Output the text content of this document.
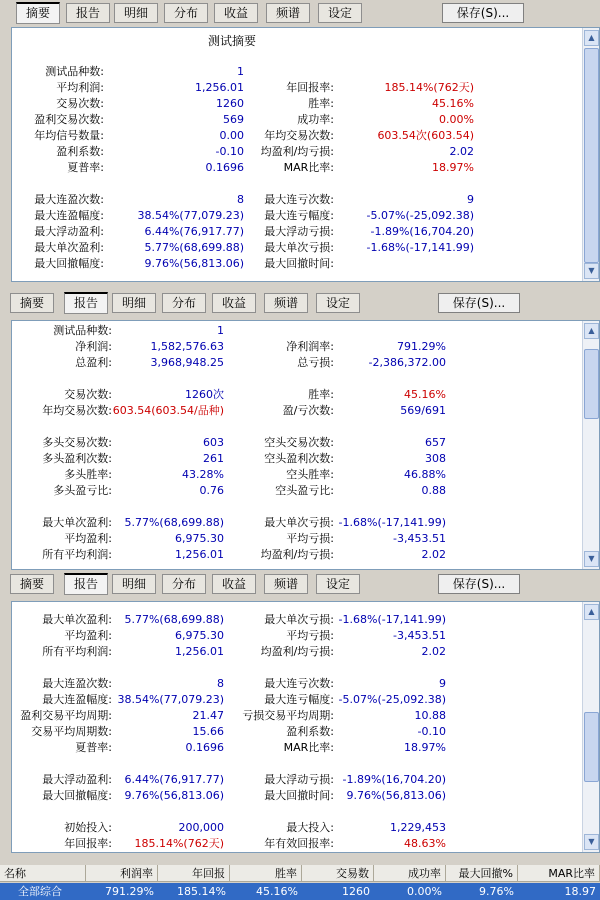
摘要	报告	明细	分布	收益	频谱	设定	保存(S)...
测试摘要
测试品种数:	1
平均利润:	1,256.01	年回报率:	185.14%(762天)
交易次数:	1260	胜率:	45.16%
盈利交易次数:	569	成功率:	0.00%
年均信号数量:	0.00	年均交易次数:	603.54次(603.54)
盈利系数:	-0.10	均盈利/均亏损:	2.02
夏普率:	0.1696	MAR比率:	18.97%
最大连盈次数:	8	最大连亏次数:	9
最大连盈幅度:	38.54%(77,079.23)	最大连亏幅度:	-5.07%(-25,092.38)
最大浮动盈利:	6.44%(76,917.77)	最大浮动亏损:	-1.89%(16,704.20)
最大单次盈利:	5.77%(68,699.88)	最大单次亏损:	-1.68%(-17,141.99)
最大回撤幅度:	9.76%(56,813.06)	最大回撤时间:
▲
▼
摘要	报告	明细	分布	收益	频谱	设定	保存(S)...
测试品种数:	1
净利润:	1,582,576.63	净利润率:	791.29%
总盈利:	3,968,948.25	总亏损:	-2,386,372.00
交易次数:	1260次	胜率:	45.16%
年均交易次数: 603.54(603.54/品种)	盈/亏次数:	569/691
多头交易次数:	603	空头交易次数:	657
多头盈利次数:	261	空头盈利次数:	308
多头胜率:	43.28%	空头胜率:	46.88%
多头盈亏比:	0.76	空头盈亏比:	0.88
最大单次盈利:	5.77%(68,699.88)	最大单次亏损: -1.68%(-17,141.99)
平均盈利:	6,975.30	平均亏损:	-3,453.51
所有平均利润:	1,256.01	均盈利/均亏损:	2.02
▲
▼
摘要	报告	明细	分布	收益	频谱	设定	保存(S)...
最大单次盈利:	5.77%(68,699.88)	最大单次亏损: -1.68%(-17,141.99)
平均盈利:	6,975.30	平均亏损:	-3,453.51
所有平均利润:	1,256.01	均盈利/均亏损:	2.02
最大连盈次数:	8	最大连亏次数:	9
最大连盈幅度: 38.54%(77,079.23)	最大连亏幅度: -5.07%(-25,092.38)
盈利交易平均周期:	21.47	亏损交易平均周期:	10.88
交易平均周期数:	15.66	盈利系数:	-0.10
夏普率:	0.1696	MAR比率:	18.97%
最大浮动盈利:	6.44%(76,917.77)	最大浮动亏损: -1.89%(16,704.20)
最大回撤幅度:	9.76%(56,813.06)	最大回撤时间:	9.76%(56,813.06)
初始投入:	200,000	最大投入:	1,229,453
年回报率:	185.14%(762天)	年有效回报率:	48.63%
▲
▼
名称	利润率	年回报	胜率	交易数	成功率	最大回撤%	MAR比率
全部综合	791.29%	185.14%	45.16%	1260	0.00%	9.76%	18.97
